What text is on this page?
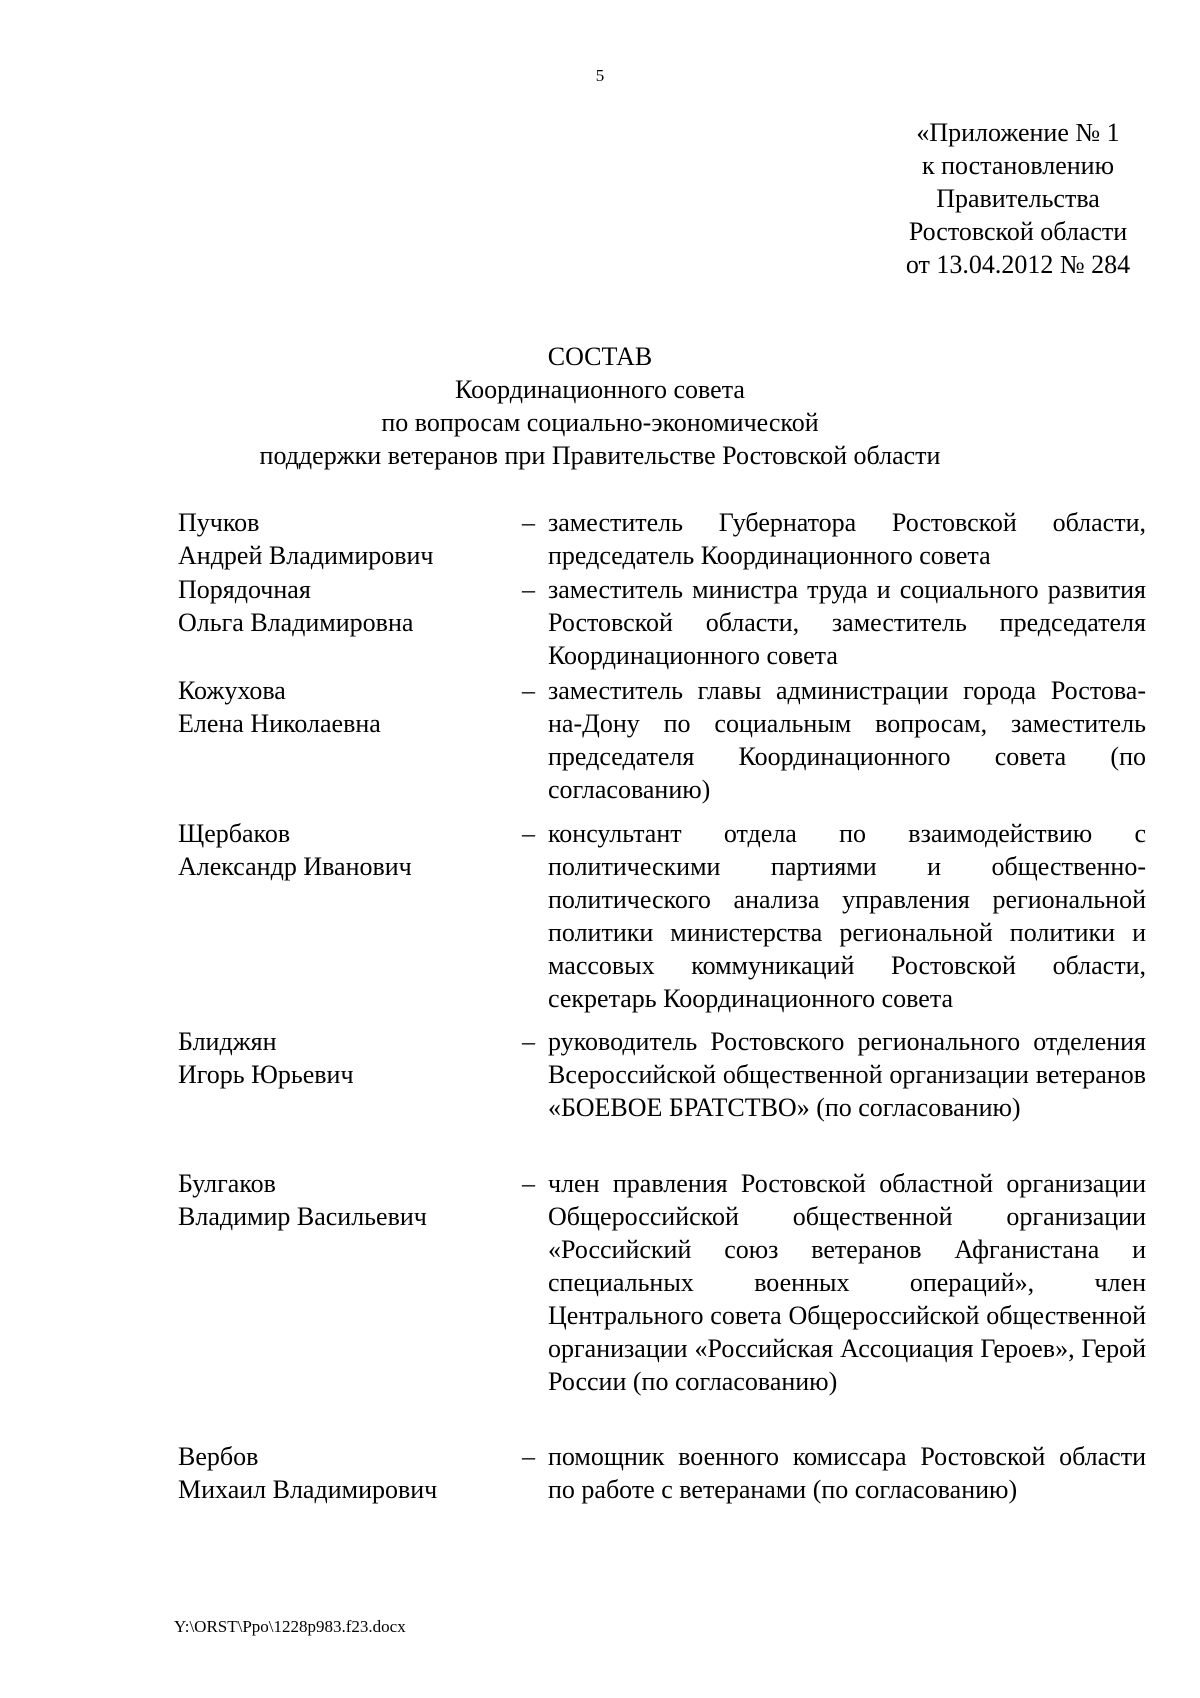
5
«Приложение № 1
к постановлению
Правительства
Ростовской области
от 13.04.2012 № 284
СОСТАВ
Координационного совета
по вопросам социально-экономической
поддержки ветеранов при Правительстве Ростовской области
Пучков
Андрей Владимирович
– заместитель Губернатора Ростовской области, председатель Координационного совета
Порядочная
Ольга Владимировна
– заместитель министра труда и социального развития Ростовской области, заместитель председателя Координационного совета
Кожухова
Елена Николаевна
– заместитель главы администрации города Ростова-на-Дону по социальным вопросам, заместитель председателя Координационного совета (по согласованию)
Щербаков
Александр Иванович
– консультант отдела по взаимодействию с политическими партиями и общественно-политического анализа управления региональной политики министерства региональной политики и массовых коммуникаций Ростовской области, секретарь Координационного совета
Блиджян
Игорь Юрьевич
– руководитель Ростовского регионального отделения Всероссийской общественной организации ветеранов «БОЕВОЕ БРАТСТВО» (по согласованию)
Булгаков
Владимир Васильевич
– член правления Ростовской областной организации Общероссийской общественной организации «Российский союз ветеранов Афганистана и специальных военных операций», член Центрального совета Общероссийской общественной организации «Российская Ассоциация Героев», Герой России (по согласованию)
Вербов
Михаил Владимирович
– помощник военного комиссара Ростовской области по работе с ветеранами (по согласованию)
Y:\ORST\Ppo\1228p983.f23.docx
